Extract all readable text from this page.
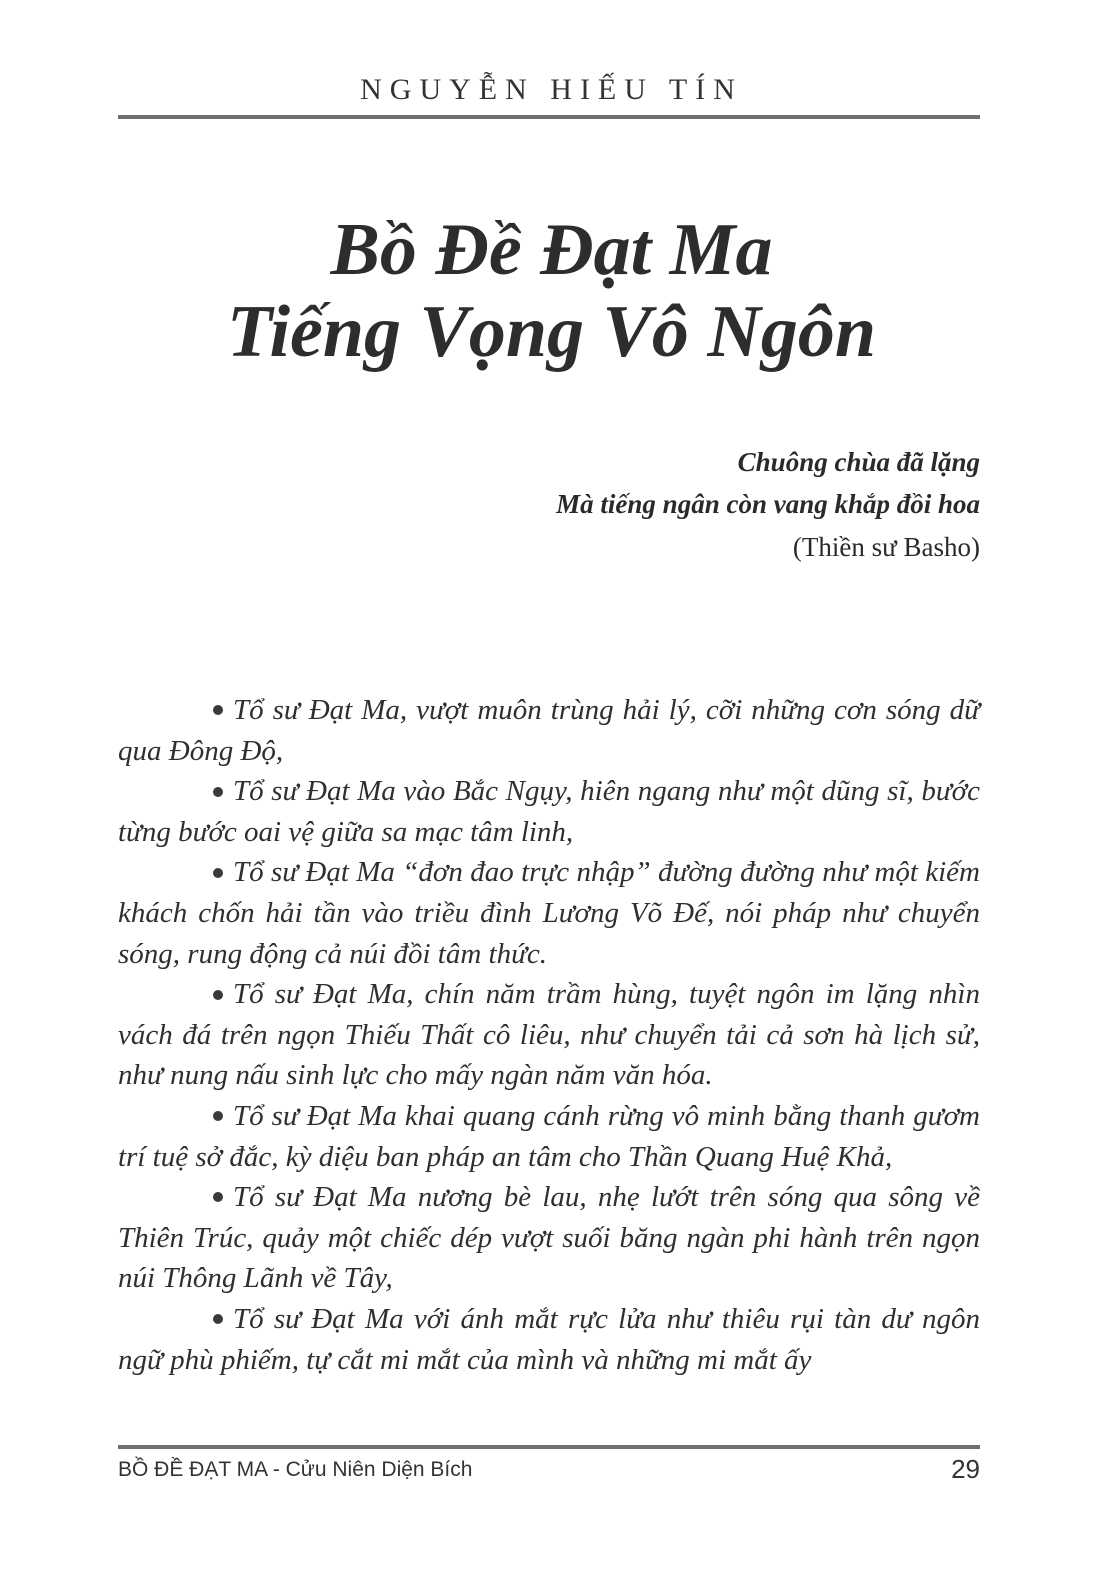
NGUYỄN HIẾU TÍN
Bồ Đề Đạt Ma
Tiếng Vọng Vô Ngôn
Chuông chùa đã lặng
Mà tiếng ngân còn vang khắp đồi hoa
(Thiền sư Basho)

Tổ sư Đạt Ma, vượt muôn trùng hải lý, cỡi những cơn sóng dữ qua Đông Độ,

Tổ sư Đạt Ma vào Bắc Ngụy, hiên ngang như một dũng sĩ, bước từng bước oai vệ giữa sa mạc tâm linh,

Tổ sư Đạt Ma “đơn đao trực nhập” đường đường như một kiếm khách chốn hải tần vào triều đình Lương Võ Đế, nói pháp như chuyển sóng, rung động cả núi đồi tâm thức.

Tổ sư Đạt Ma, chín năm trầm hùng, tuyệt ngôn im lặng nhìn vách đá trên ngọn Thiếu Thất cô liêu, như chuyển tải cả sơn hà lịch sử, như nung nấu sinh lực cho mấy ngàn năm văn hóa.

Tổ sư Đạt Ma khai quang cánh rừng vô minh bằng thanh gươm trí tuệ sở đắc, kỳ diệu ban pháp an tâm cho Thần Quang Huệ Khả,

Tổ sư Đạt Ma nương bè lau, nhẹ lướt trên sóng qua sông về Thiên Trúc, quảy một chiếc dép vượt suối băng ngàn phi hành trên ngọn núi Thông Lãnh về Tây,

Tổ sư Đạt Ma với ánh mắt rực lửa như thiêu rụi tàn dư ngôn ngữ phù phiếm, tự cắt mi mắt của mình và những mi mắt ấy

BỒ ĐỀ ĐẠT MA - Cửu Niên Diện Bích	29
